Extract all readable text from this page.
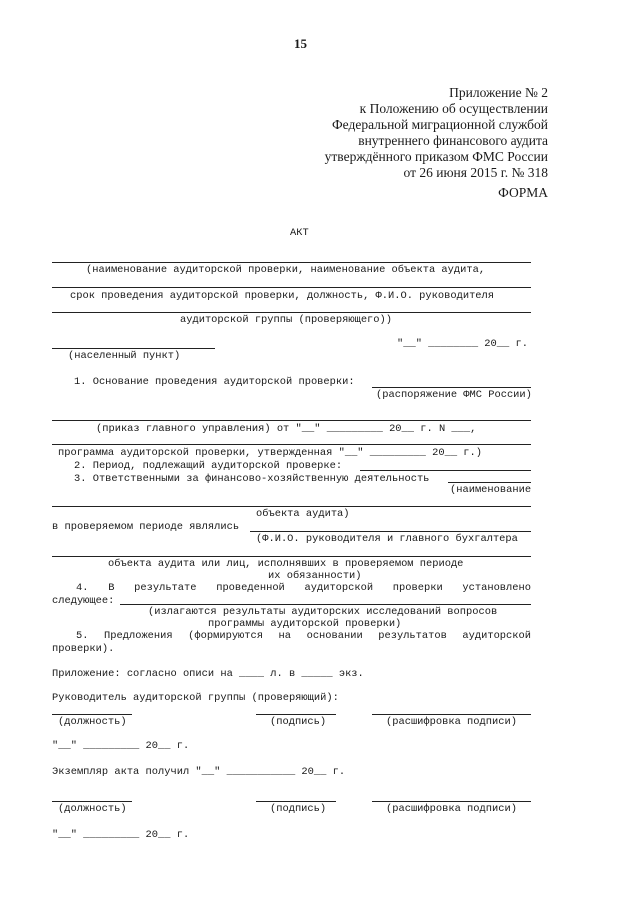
15
Приложение № 2
к Положению об осуществлении
Федеральной миграционной службой
внутреннего финансового аудита
утверждённого приказом ФМС России
от 26 июня 2015 г. № 318
ФОРМА
АКТ
(наименование аудиторской проверки, наименование объекта аудита,
срок проведения аудиторской проверки, должность, Ф.И.О. руководителя
аудиторской группы (проверяющего))
(населенный пункт)
"__" ________ 20__ г.
1. Основание проведения аудиторской проверки:
(распоряжение ФМС России)
(приказ главного управления) от "__" _________ 20__ г. N ___,
программа аудиторской проверки, утвержденная "__" _________ 20__ г.)
2. Период, подлежащий аудиторской проверке:
3. Ответственными за финансово-хозяйственную деятельность
(наименование
объекта аудита)
в проверяемом периоде являлись
(Ф.И.О. руководителя и главного бухгалтера
объекта аудита или лиц, исполнявших в проверяемом периоде
их обязанности)
4. В результате проведенной аудиторской проверки установлено
следующее:
(излагаются результаты аудиторских исследований вопросов
программы аудиторской проверки)
5. Предложения (формируются на основании результатов аудиторской
проверки).
Приложение: согласно описи на ____ л. в _____ экз.
Руководитель аудиторской группы (проверяющий):
(должность)	(подпись)	(расшифровка подписи)
"__" _________ 20__ г.
Экземпляр акта получил "__" ___________ 20__ г.
(должность)	(подпись)	(расшифровка подписи)
"__" _________ 20__ г.
